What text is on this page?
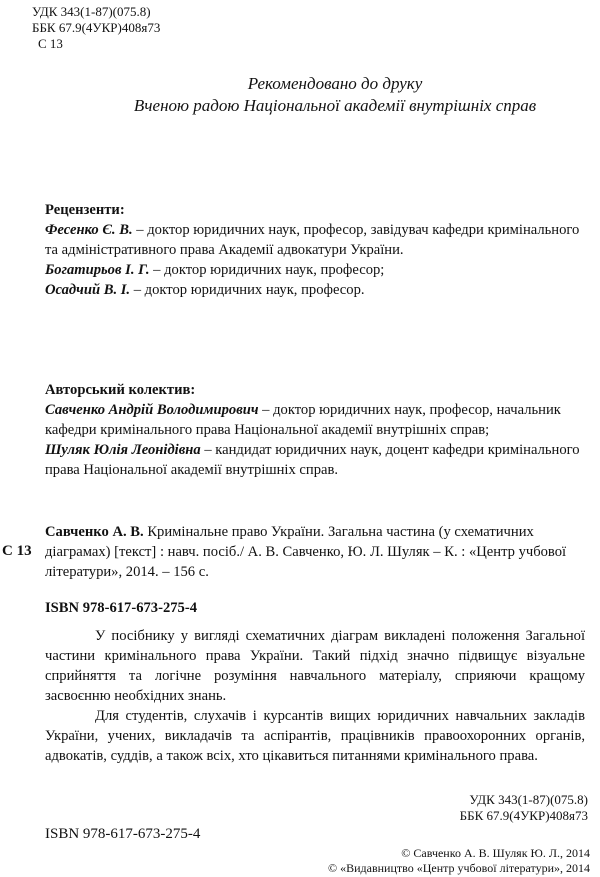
УДК 343(1-87)(075.8)
ББК 67.9(4УКР)408я73
С 13
Рекомендовано до друку
Вченою радою Національної академії внутрішніх справ
Рецензенти:

Фесенко Є. В. – доктор юридичних наук, професор, завідувач кафедри кримінального та адміністративного права Академії адвокатури України.

Богатирьов І. Г. – доктор юридичних наук, професор;

Осадчий В. І. – доктор юридичних наук, професор.

Авторський колектив:

Савченко Андрій Володимирович – доктор юридичних наук, професор, начальник кафедри кримінального права Національної академії внутрішніх справ;

Шуляк Юлія Леонідівна – кандидат юридичних наук, доцент кафедри кримінального права Національної академії внутрішніх справ.

С 13

Савченко А. В. Кримінальне право України. Загальна частина (у схематичних діаграмах) [текст] : навч. посіб./ А. В. Савченко, Ю. Л. Шуляк – К. : «Центр учбової літератури», 2014. – 156 с.

ISBN 978-617-673-275-4

У посібнику у вигляді схематичних діаграм викладені положення Загальної частини кримінального права України. Такий підхід значно підвищує візуальне сприйняття та логічне розуміння навчального матеріалу, сприяючи кращому засвоєнню необхідних знань.

Для студентів, слухачів і курсантів вищих юридичних навчальних закладів України, учених, викладачів та аспірантів, працівників правоохоронних органів, адвокатів, суддів, а також всіх, хто цікавиться питаннями кримінального права.

УДК 343(1-87)(075.8)
ББК 67.9(4УКР)408я73
ISBN 978-617-673-275-4
© Савченко А. В. Шуляк Ю. Л., 2014
© «Видавництво «Центр учбової літератури», 2014
